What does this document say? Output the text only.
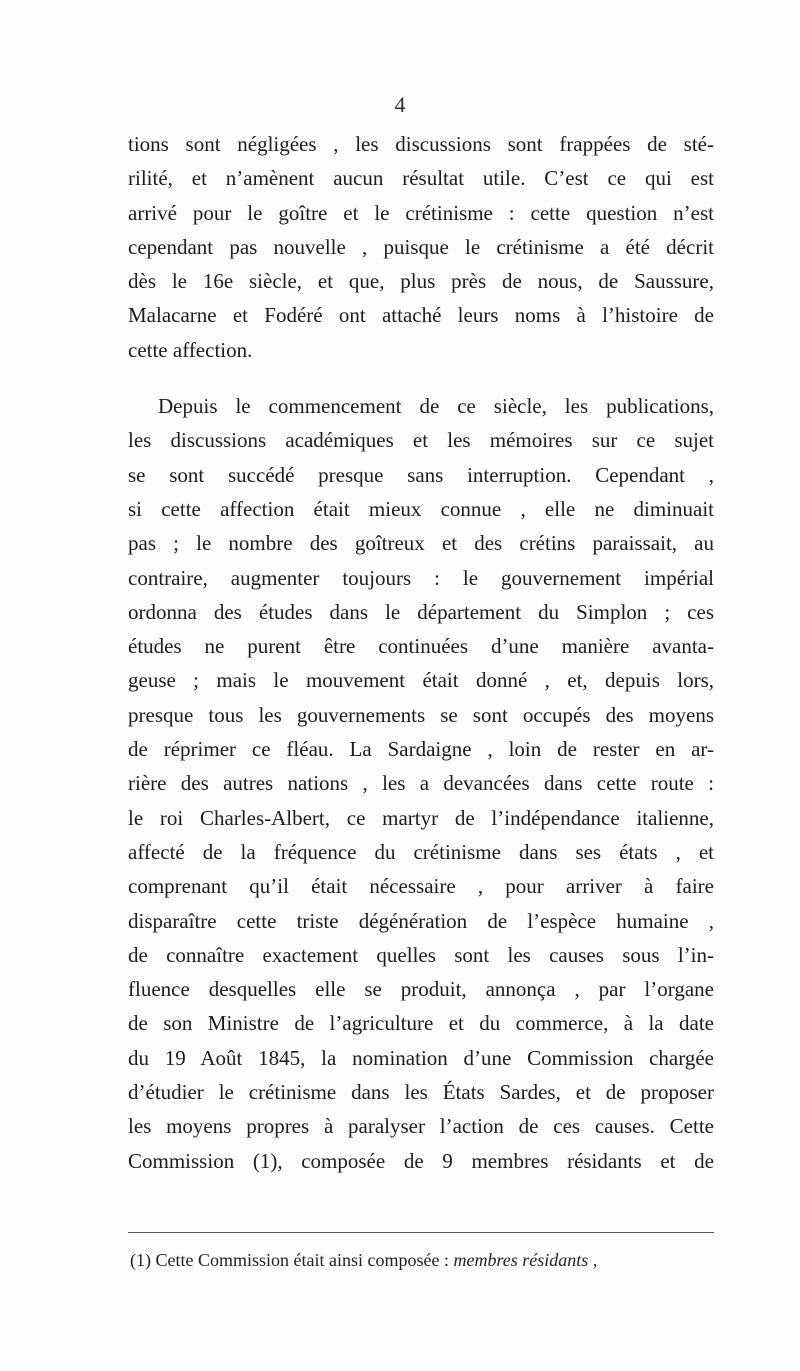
4

tions sont négligées , les discussions sont frappées de sté-
rilité, et n’amènent aucun résultat utile. C’est ce qui est
arrivé pour le goître et le crétinisme : cette question n’est
cependant pas nouvelle , puisque le crétinisme a été décrit
dès le 16e siècle, et que, plus près de nous, de Saussure,
Malacarne et Fodéré ont attaché leurs noms à l’histoire de
cette affection.

Depuis le commencement de ce siècle, les publications,
les discussions académiques et les mémoires sur ce sujet
se sont succédé presque sans interruption. Cependant ,
si cette affection était mieux connue , elle ne diminuait
pas ; le nombre des goîtreux et des crétins paraissait, au
contraire, augmenter toujours : le gouvernement impérial
ordonna des études dans le département du Simplon ; ces
études ne purent être continuées d’une manière avanta-
geuse ; mais le mouvement était donné , et, depuis lors,
presque tous les gouvernements se sont occupés des moyens
de réprimer ce fléau. La Sardaigne , loin de rester en ar-
rière des autres nations , les a devancées dans cette route :
le roi Charles-Albert, ce martyr de l’indépendance italienne,
affecté de la fréquence du crétinisme dans ses états , et
comprenant qu’il était nécessaire , pour arriver à faire
disparaître cette triste dégénération de l’espèce humaine ,
de connaître exactement quelles sont les causes sous l’in-
fluence desquelles elle se produit, annonça , par l’organe
de son Ministre de l’agriculture et du commerce, à la date
du 19 Août 1845, la nomination d’une Commission chargée
d’étudier le crétinisme dans les États Sardes, et de proposer
les moyens propres à paralyser l’action de ces causes. Cette
Commission (1), composée de 9 membres résidants et de

(1) Cette Commission était ainsi composée : membres résidants ,
